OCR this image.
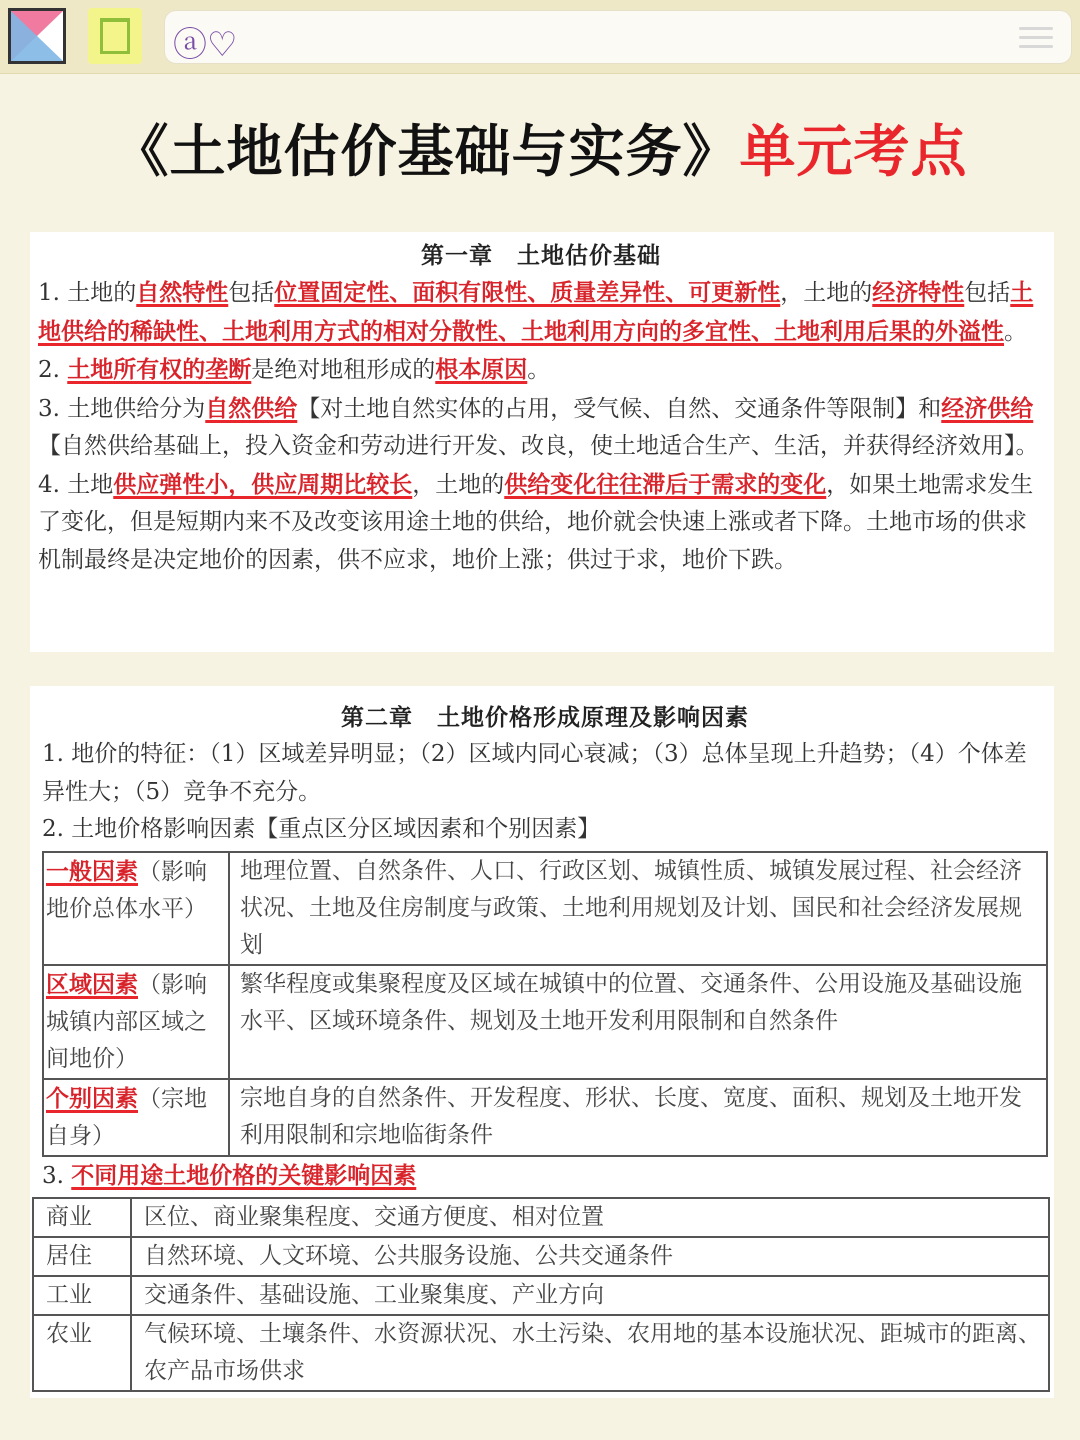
ⓐ♡
《土地估价基础与实务》单元考点
第一章　土地估价基础

1. 土地的自然特性包括位置固定性、面积有限性、质量差异性、可更新性，土地的经济特性包括土地供给的稀缺性、土地利用方式的相对分散性、土地利用方向的多宜性、土地利用后果的外溢性。

2. 土地所有权的垄断是绝对地租形成的根本原因。

3. 土地供给分为自然供给【对土地自然实体的占用，受气候、自然、交通条件等限制】和经济供给【自然供给基础上，投入资金和劳动进行开发、改良，使土地适合生产、生活，并获得经济效用】。

4. 土地供应弹性小，供应周期比较长，土地的供给变化往往滞后于需求的变化，如果土地需求发生了变化，但是短期内来不及改变该用途土地的供给，地价就会快速上涨或者下降。土地市场的供求机制最终是决定地价的因素，供不应求，地价上涨；供过于求，地价下跌。

第二章　土地价格形成原理及影响因素

1. 地价的特征：（1）区域差异明显；（2）区域内同心衰减；（3）总体呈现上升趋势；（4）个体差异性大；（5）竞争不充分。

2. 土地价格影响因素【重点区分区域因素和个别因素】

一般因素（影响地价总体水平）	地理位置、自然条件、人口、行政区划、城镇性质、城镇发展过程、社会经济状况、土地及住房制度与政策、土地利用规划及计划、国民和社会经济发展规划
区域因素（影响城镇内部区域之间地价）	繁华程度或集聚程度及区域在城镇中的位置、交通条件、公用设施及基础设施水平、区域环境条件、规划及土地开发利用限制和自然条件
个别因素（宗地自身）	宗地自身的自然条件、开发程度、形状、长度、宽度、面积、规划及土地开发利用限制和宗地临街条件

3. 不同用途土地价格的关键影响因素

商业	区位、商业聚集程度、交通方便度、相对位置
居住	自然环境、人文环境、公共服务设施、公共交通条件
工业	交通条件、基础设施、工业聚集度、产业方向
农业	气候环境、土壤条件、水资源状况、水土污染、农用地的基本设施状况、距城市的距离、农产品市场供求
